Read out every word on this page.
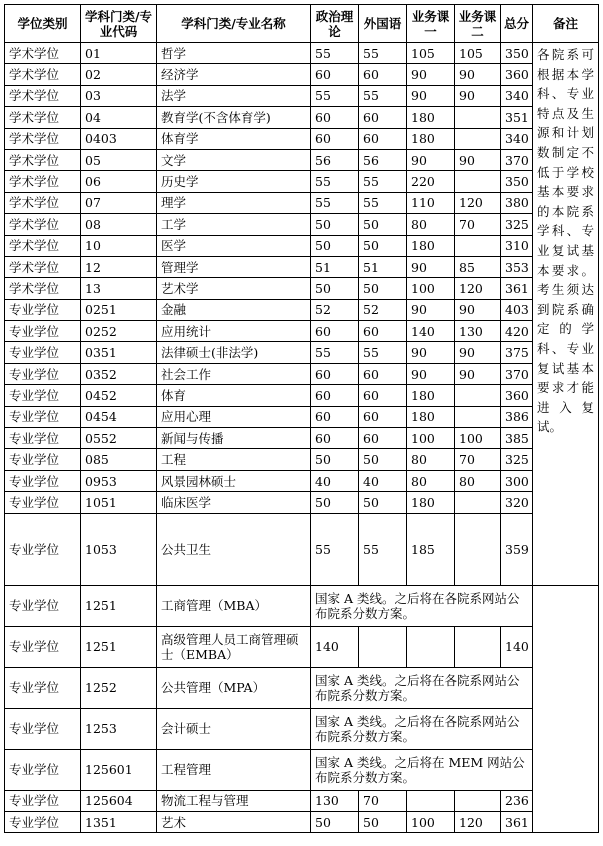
学位类别	学科门类/专业代码	学科门类/专业名称	政治理论	外国语	业务课一	业务课二	总分	备注
学术学位	01	哲学	55	55	105	105	350	各院系可根据本学科、专业特点及生源和计划数制定不低于学校基本要求的本院系学科、专业复试基本要求。考生须达到院系确定的学科、专业复试基本要求才能进入复试。
学术学位	02	经济学	60	60	90	90	360	
学术学位	03	法学	55	55	90	90	340	
学术学位	04	教育学(不含体育学)	60	60	180		351	
学术学位	0403	体育学	60	60	180		340	
学术学位	05	文学	56	56	90	90	370	
学术学位	06	历史学	55	55	220		350	
学术学位	07	理学	55	55	110	120	380	
学术学位	08	工学	50	50	80	70	325	
学术学位	10	医学	50	50	180		310	
学术学位	12	管理学	51	51	90	85	353	
学术学位	13	艺术学	50	50	100	120	361	
专业学位	0251	金融	52	52	90	90	403	
专业学位	0252	应用统计	60	60	140	130	420	
专业学位	0351	法律硕士(非法学)	55	55	90	90	375	
专业学位	0352	社会工作	60	60	90	90	370	
专业学位	0452	体育	60	60	180		360	
专业学位	0454	应用心理	60	60	180		386	
专业学位	0552	新闻与传播	60	60	100	100	385	
专业学位	085	工程	50	50	80	70	325	
专业学位	0953	风景园林硕士	40	40	80	80	300	
专业学位	1051	临床医学	50	50	180		320	
专业学位	1053	公共卫生	55	55	185		359	
专业学位	1251	工商管理（MBA）	国家 A 类线。之后将在各院系网站公布院系分数方案。					
专业学位	1251	高级管理人员工商管理硕士（EMBA）	140				140	
专业学位	1252	公共管理（MPA）	国家 A 类线。之后将在各院系网站公布院系分数方案。					
专业学位	1253	会计硕士	国家 A 类线。之后将在各院系网站公布院系分数方案。					
专业学位	125601	工程管理	国家 A 类线。之后将在 MEM 网站公布院系分数方案。					
专业学位	125604	物流工程与管理	130	70			236	
专业学位	1351	艺术	50	50	100	120	361	
